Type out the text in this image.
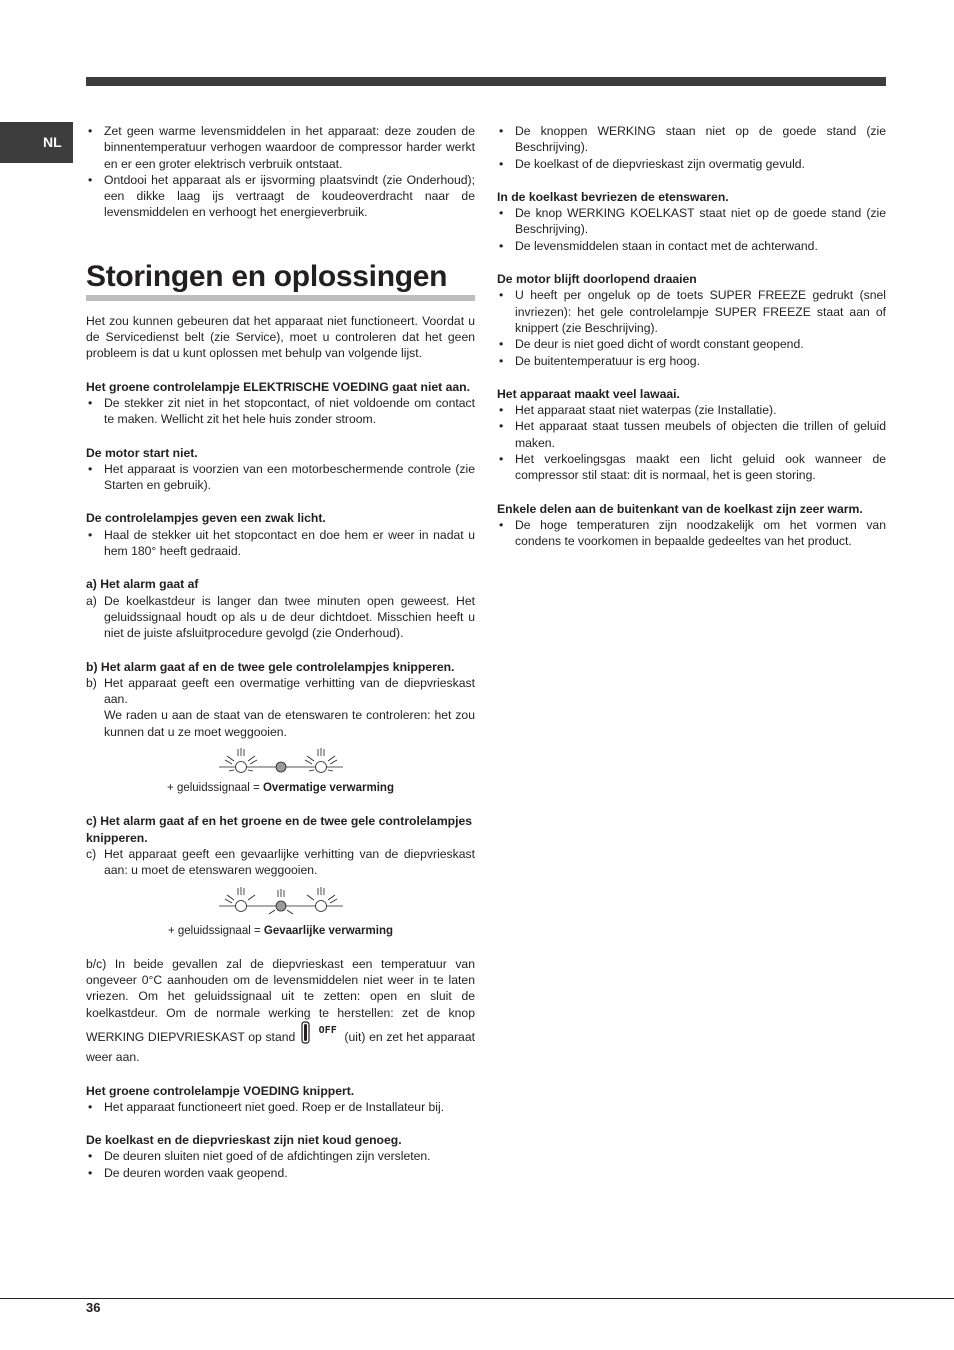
NL
• Zet geen warme levensmiddelen in het apparaat: deze zouden de binnentemperatuur verhogen waardoor de compressor harder werkt en er een groter elektrisch verbruik ontstaat.
• Ontdooi het apparaat als er ijsvorming plaatsvindt (zie Onderhoud); een dikke laag ijs vertraagt de koudeoverdracht naar de levensmiddelen en verhoogt het energieverbruik.
Storingen en oplossingen

Het zou kunnen gebeuren dat het apparaat niet functioneert. Voordat u de Servicedienst belt (zie Service), moet u controleren dat het geen probleem is dat u kunt oplossen met behulp van volgende lijst.

Het groene controlelampje ELEKTRISCHE VOEDING gaat niet aan.

• De stekker zit niet in het stopcontact, of niet voldoende om contact te maken. Wellicht zit het hele huis zonder stroom.

De motor start niet.

• Het apparaat is voorzien van een motorbeschermende controle (zie Starten en gebruik).

De controlelampjes geven een zwak licht.

• Haal de stekker uit het stopcontact en doe hem er weer in nadat u hem 180° heeft gedraaid.

a) Het alarm gaat af

a) De koelkastdeur is langer dan twee minuten open geweest. Het geluidssignaal houdt op als u de deur dichtdoet. Misschien heeft u niet de juiste afsluitprocedure gevolgd (zie Onderhoud).

b) Het alarm gaat af en de twee gele controlelampjes knipperen.

b) Het apparaat geeft een overmatige verhitting van de diepvrieskast aan.
We raden u aan de staat van de etenswaren te controleren: het zou kunnen dat u ze moet weggooien.

+ geluidssignaal = Overmatige verwarming

c) Het alarm gaat af en het groene en de twee gele controlelampjes knipperen.

c) Het apparaat geeft een gevaarlijke verhitting van de diepvrieskast aan: u moet de etenswaren weggooien.

+ geluidssignaal = Gevaarlijke verwarming

b/c) In beide gevallen zal de diepvrieskast een temperatuur van ongeveer 0°C aanhouden om de levensmiddelen niet weer in te laten vriezen. Om het geluidssignaal uit te zetten: open en sluit de koelkastdeur. Om de normale werking te herstellen: zet de knop WERKING DIEPVRIESKAST op stand $^{OFF}$ (uit) en zet het apparaat weer aan.

Het groene controlelampje VOEDING knippert.

• Het apparaat functioneert niet goed. Roep er de Installateur bij.

De koelkast en de diepvrieskast zijn niet koud genoeg.

• De deuren sluiten niet goed of de afdichtingen zijn versleten.
• De deuren worden vaak geopend.
• De knoppen WERKING staan niet op de goede stand (zie Beschrijving).
• De koelkast of de diepvrieskast zijn overmatig gevuld.

In de koelkast bevriezen de etenswaren.

• De knop WERKING KOELKAST staat niet op de goede stand (zie Beschrijving).
• De levensmiddelen staan in contact met de achterwand.

De motor blijft doorlopend draaien

• U heeft per ongeluk op de toets SUPER FREEZE gedrukt (snel invriezen): het gele controlelampje SUPER FREEZE staat aan of knippert (zie Beschrijving).
• De deur is niet goed dicht of wordt constant geopend.
• De buitentemperatuur is erg hoog.

Het apparaat maakt veel lawaai.

• Het apparaat staat niet waterpas (zie Installatie).
• Het apparaat staat tussen meubels of objecten die trillen of geluid maken.
• Het verkoelingsgas maakt een licht geluid ook wanneer de compressor stil staat: dit is normaal, het is geen storing.

Enkele delen aan de buitenkant van de koelkast zijn zeer warm.

• De hoge temperaturen zijn noodzakelijk om het vormen van condens te voorkomen in bepaalde gedeeltes van het product.
36
